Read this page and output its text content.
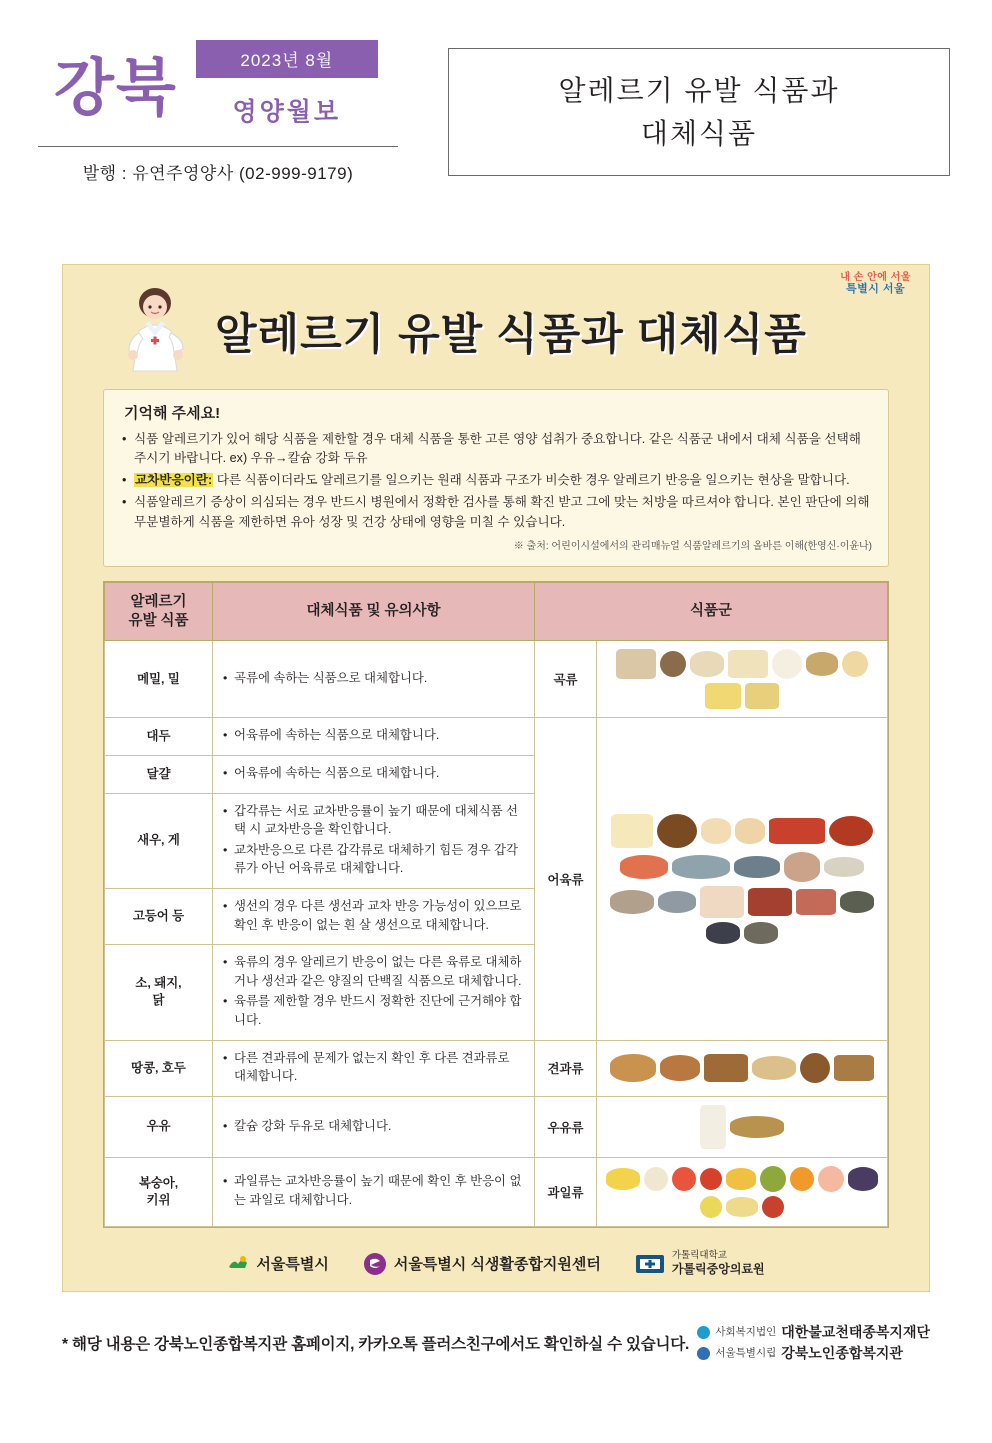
강북	2023년 8월
영양월보
발행 : 유연주영양사 (02-999-9179)
알레르기 유발 식품과
대체식품
내 손 안에 서울
특별시 서울
알레르기 유발 식품과 대체식품
기억해 주세요!
• 식품 알레르기가 있어 해당 식품을 제한할 경우 대체 식품을 통한 고른 영양 섭취가 중요합니다. 같은 식품군 내에서 대체 식품을 선택해 주시기 바랍니다. ex) 우유→칼슘 강화 두유
• 교차반응이란: 다른 식품이더라도 알레르기를 일으키는 원래 식품과 구조가 비슷한 경우 알레르기 반응을 일으키는 현상을 말합니다.
• 식품알레르기 증상이 의심되는 경우 반드시 병원에서 정확한 검사를 통해 확진 받고 그에 맞는 처방을 따르셔야 합니다. 본인 판단에 의해 무분별하게 식품을 제한하면 유아 성장 및 건강 상태에 영향을 미칠 수 있습니다.
※ 출처: 어린이시설에서의 관리매뉴얼 식품알레르기의 올바른 이해(한영신·이윤나)
알레르기
유발 식품	대체식품 및 유의사항	식품군	
메밀, 밀	
•곡류에 속하는 식품으로 대체합니다.	곡류	

대두	
•어육류에 속하는 식품으로 대체합니다.
	어육류	

달걀	
•어육류에 속하는 식품으로 대체합니다.

새우, 게	
• 갑각류는 서로 교차반응률이 높기 때문에 대체식품 선택 시 교차반응을 확인합니다.
• 교차반응으로 다른 갑각류로 대체하기 힘든 경우 갑각류가 아닌 어육류로 대체합니다.

고등어 등	
• 생선의 경우 다른 생선과 교차 반응 가능성이 있으므로 확인 후 반응이 없는 흰 살 생선으로 대체합니다.

소, 돼지,
닭

• 육류의 경우 알레르기 반응이 없는 다른 육류로 대체하거나 생선과 같은 양질의 단백질 식품으로 대체합니다.
• 육류를 제한할 경우 반드시 정확한 진단에 근거해야 합니다.

땅콩, 호두	
• 다른 견과류에 문제가 없는지 확인 후 다른 견과류로 대체합니다.	견과류	

우유	
•칼슘 강화 두유로 대체합니다.	우유류	

복숭아,
키위

• 과일류는 교차반응률이 높기 때문에 확인 후 반응이 없는 과일로 대체합니다.	과일류	
서울특별시	서울특별시 식생활종합지원센터
가톨릭대학교
가톨릭중앙의료원
* 해당 내용은 강북노인종합복지관 홈페이지, 카카오톡 플러스친구에서도 확인하실 수 있습니다.
사회복지법인 대한불교천태종복지재단
서울특별시립 강북노인종합복지관
